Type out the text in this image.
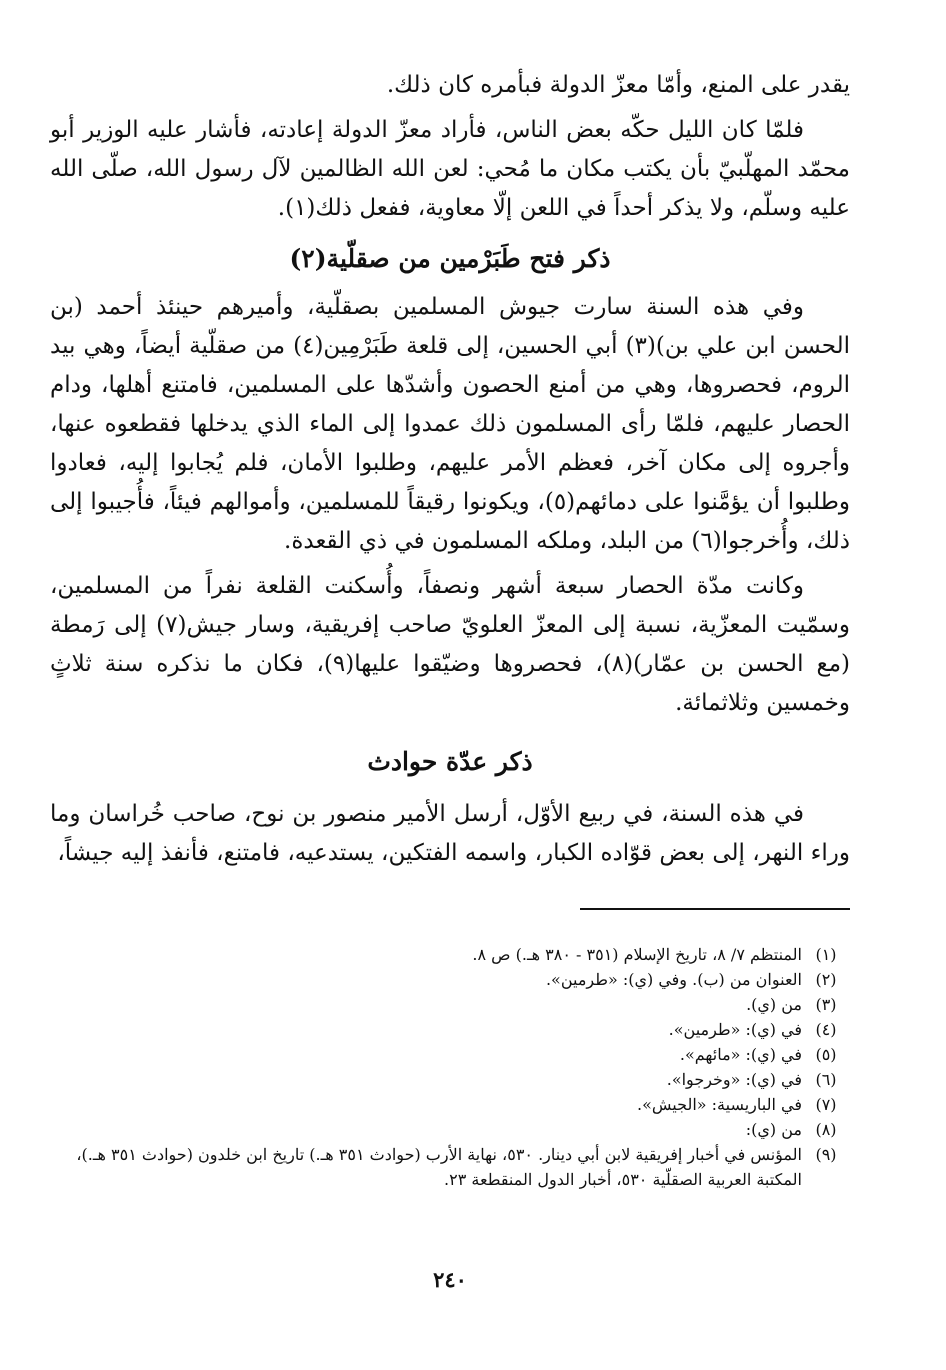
يقدر على المنع، وأمّا معزّ الدولة فبأمره كان ذلك.

فلمّا كان الليل حكّه بعض الناس، فأراد معزّ الدولة إعادته، فأشار عليه الوزير أبو محمّد المهلّبيّ بأن يكتب مكان ما مُحي: لعن الله الظالمين لآل رسول الله، صلّى الله عليه وسلّم، ولا يذكر أحداً في اللعن إلّا معاوية، ففعل ذلك(١).

ذكر فتح طَبَرْمين من صقلّية(٢)

وفي هذه السنة سارت جيوش المسلمين بصقلّية، وأميرهم حينئذ أحمد (بن الحسن ابن علي بن)(٣) أبي الحسين، إلى قلعة طَبَرْمِين(٤) من صقلّية أيضاً، وهي بيد الروم، فحصروها، وهي من أمنع الحصون وأشدّها على المسلمين، فامتنع أهلها، ودام الحصار عليهم، فلمّا رأى المسلمون ذلك عمدوا إلى الماء الذي يدخلها فقطعوه عنها، وأجروه إلى مكان آخر، فعظم الأمر عليهم، وطلبوا الأمان، فلم يُجابوا إليه، فعادوا وطلبوا أن يؤمَّنوا على دمائهم(٥)، ويكونوا رقيقاً للمسلمين، وأموالهم فيئاً، فأُجيبوا إلى ذلك، وأُخرجوا(٦) من البلد، وملكه المسلمون في ذي القعدة.

وكانت مدّة الحصار سبعة أشهر ونصفاً، وأُسكنت القلعة نفراً من المسلمين، وسمّيت المعزّية، نسبة إلى المعزّ العلويّ صاحب إفريقية، وسار جيش(٧) إلى رَمطة (مع الحسن بن عمّار)(٨)، فحصروها وضيّقوا عليها(٩)، فكان ما نذكره سنة ثلاثٍ وخمسين وثلاثمائة.

ذكر عدّة حوادث

في هذه السنة، في ربيع الأوّل، أرسل الأمير منصور بن نوح، صاحب خُراسان وما وراء النهر، إلى بعض قوّاده الكبار، واسمه الفتكين، يستدعيه، فامتنع، فأنفذ إليه جيشاً،

(١)
المنتظم ٧/ ٨، تاريخ الإسلام (٣٥١ - ٣٨٠ هـ.) ص ٨.
(٢)
العنوان من (ب). وفي (ي): «طرمين».
(٣)
من (ي).
(٤)
في (ي): «طرمين».
(٥)
في (ي): «مائهم».
(٦)
في (ي): «وخرجوا».
(٧)
في الباريسية: «الجيش».
(٨)
من (ي):
(٩)
المؤنس في أخبار إفريقية لابن أبي دينار. ٥٣٠، نهاية الأرب (حوادث ٣٥١ هـ.) تاريخ ابن خلدون (حوادث ٣٥١ هـ.)، المكتبة العربية الصقلّية ٥٣٠، أخبار الدول المنقطعة ٢٣.
٢٤٠
